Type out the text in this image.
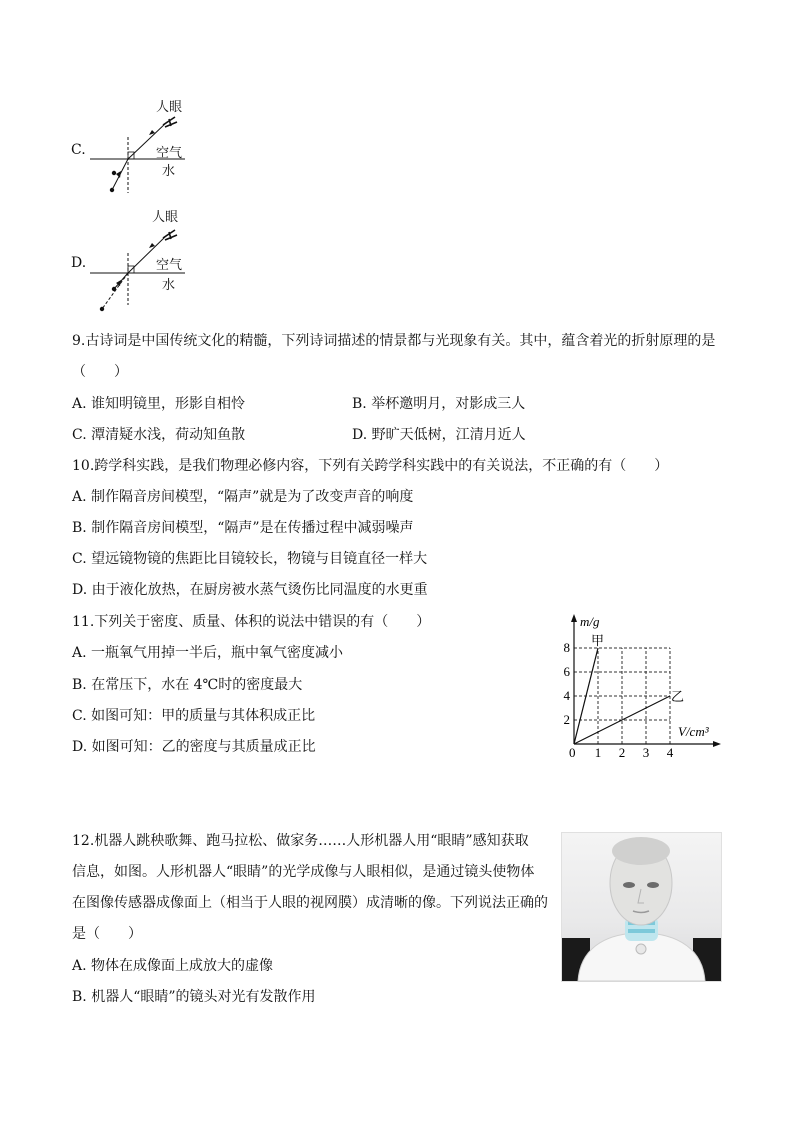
C.
人眼
空气
水
D.
人眼
空气
水
9.古诗词是中国传统文化的精髓，下列诗词描述的情景都与光现象有关。其中，蕴含着光的折射原理的是
（　　）
A. 谁知明镜里，形影自相怜	B. 举杯邀明月，对影成三人
C. 潭清疑水浅，荷动知鱼散	D. 野旷天低树，江清月近人
10.跨学科实践，是我们物理必修内容，下列有关跨学科实践中的有关说法，不正确的有（　　）
A. 制作隔音房间模型，“隔声”就是为了改变声音的响度
B. 制作隔音房间模型，“隔声”是在传播过程中减弱噪声
C. 望远镜物镜的焦距比目镜较长，物镜与目镜直径一样大
D. 由于液化放热，在厨房被水蒸气烫伤比同温度的水更重
11.下列关于密度、质量、体积的说法中错误的有（　　）
A. 一瓶氧气用掉一半后，瓶中氧气密度减小
B. 在常压下，水在 4℃时的密度最大
C. 如图可知：甲的质量与其体积成正比
D. 如图可知：乙的密度与其质量成正比
m/g
V/cm³
0
2
4
6
8
1 2 3 4
甲
乙
12.机器人跳秧歌舞、跑马拉松、做家务……人形机器人用“眼睛”感知获取
信息，如图。人形机器人“眼睛”的光学成像与人眼相似，是通过镜头使物体
在图像传感器成像面上（相当于人眼的视网膜）成清晰的像。下列说法正确的
是（　　）
A. 物体在成像面上成放大的虚像
B. 机器人“眼睛”的镜头对光有发散作用
